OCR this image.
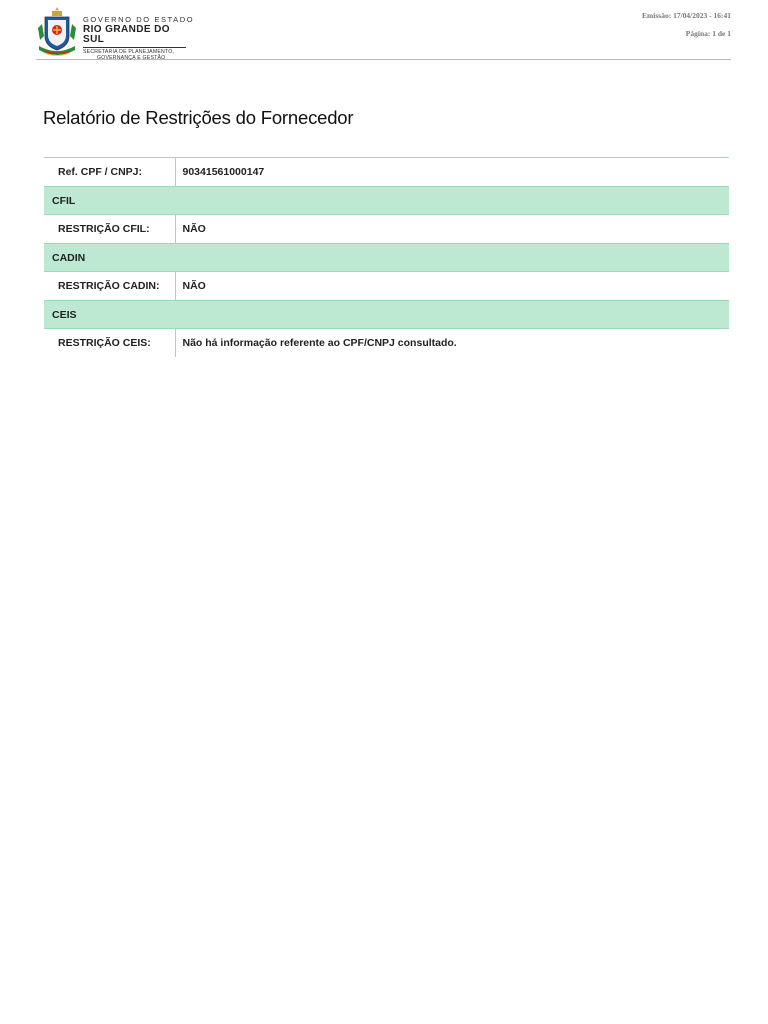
GOVERNO DO ESTADO
RIO GRANDE DO SUL
SECRETARIA DE PLANEJAMENTO,
GOVERNANÇA E GESTÃO
Emissão: 17/04/2023 - 16:41
Página: 1 de 1
Relatório de Restrições do Fornecedor
Ref. CPF / CNPJ:	90341561000147
CFIL	
RESTRIÇÃO CFIL:	NÃO
CADIN	
RESTRIÇÃO CADIN:	NÃO
CEIS	
RESTRIÇÃO CEIS:	Não há informação referente ao CPF/CNPJ consultado.
